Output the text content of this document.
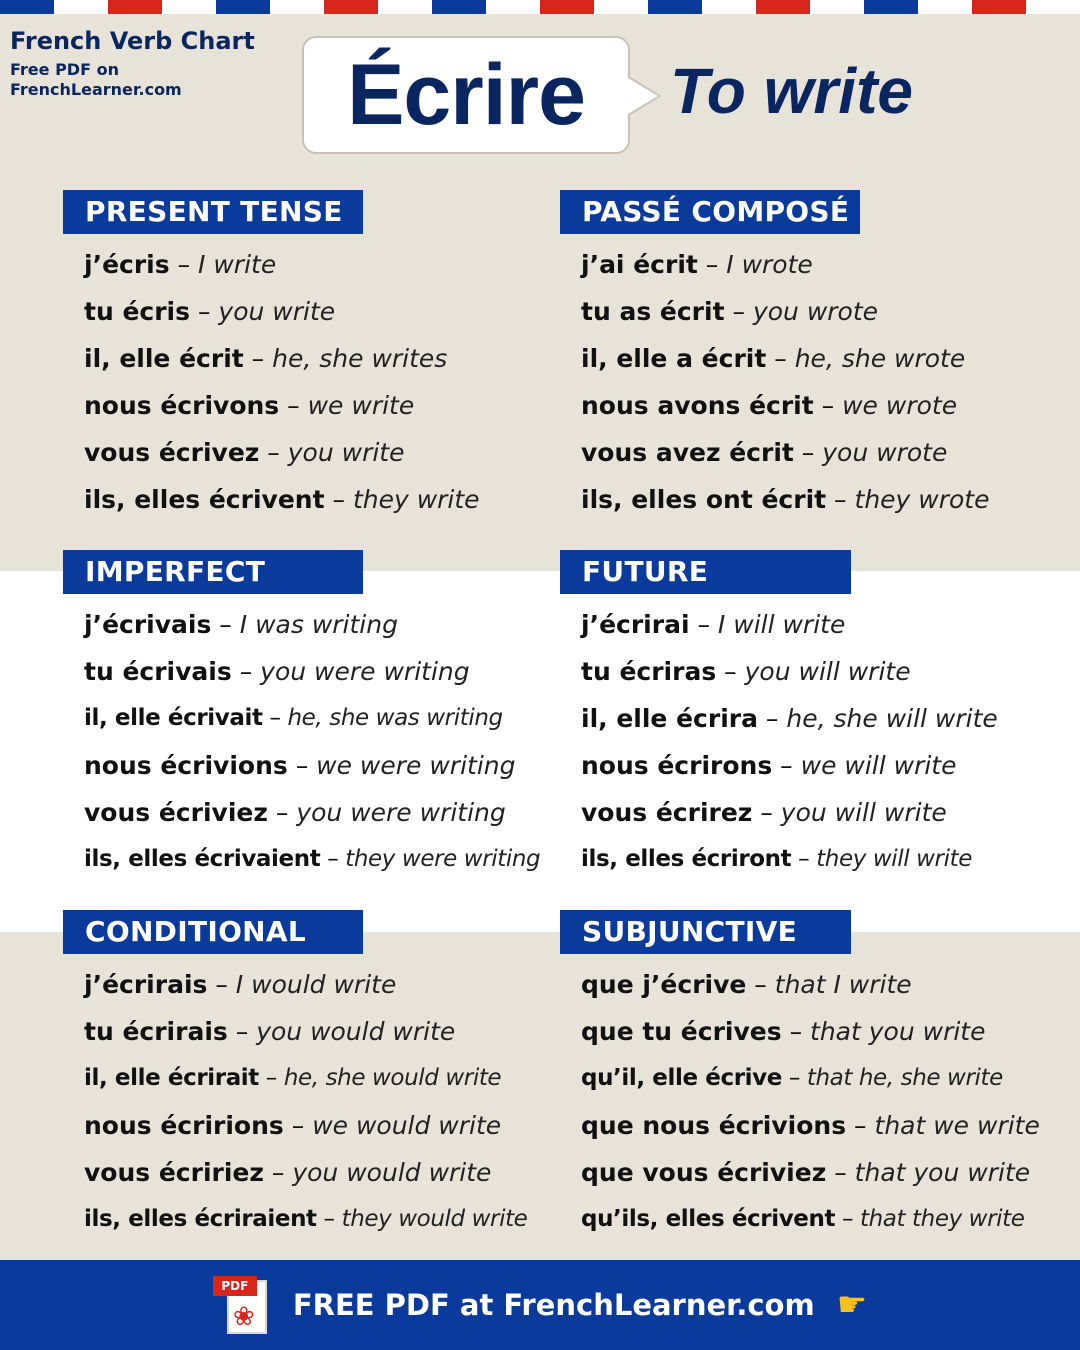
French Verb Chart
Free PDF on FrenchLearner.com	Écrire To write
PRESENT TENSE
j’écris – I write
tu écris – you write
il, elle écrit – he, she writes
nous écrivons – we write
vous écrivez – you write
ils, elles écrivent – they write
PASSÉ COMPOSÉ
j’ai écrit – I wrote
tu as écrit – you wrote
il, elle a écrit – he, she wrote
nous avons écrit – we wrote
vous avez écrit – you wrote
ils, elles ont écrit – they wrote
IMPERFECT
j’écrivais – I was writing
tu écrivais – you were writing
il, elle écrivait – he, she was writing
nous écrivions – we were writing
vous écriviez – you were writing
ils, elles écrivaient – they were writing
FUTURE
j’écrirai – I will write
tu écriras – you will write
il, elle écrira – he, she will write
nous écrirons – we will write
vous écrirez – you will write
ils, elles écriront – they will write
CONDITIONAL
j’écrirais – I would write
tu écrirais – you would write
il, elle écrirait – he, she would write
nous écririons – we would write
vous écririez – you would write
ils, elles écriraient – they would write
SUBJUNCTIVE
que j’écrive – that I write
que tu écrives – that you write
qu’il, elle écrive – that he, she write
que nous écrivions – that we write
que vous écriviez – that you write
qu’ils, elles écrivent – that they write
PDF
❀ FREE PDF at FrenchLearner.com ☛
